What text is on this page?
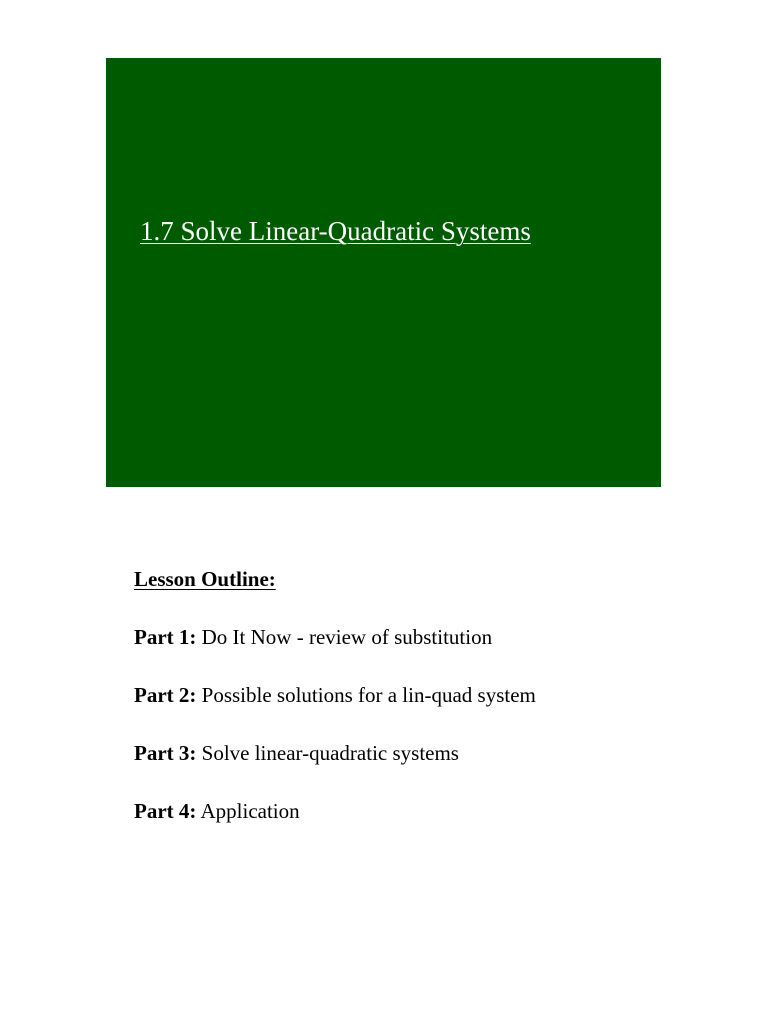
1.7 Solve Linear-Quadratic Systems
Lesson Outline:
Part 1: Do It Now - review of substitution
Part 2: Possible solutions for a lin-quad system
Part 3: Solve linear-quadratic systems
Part 4: Application
